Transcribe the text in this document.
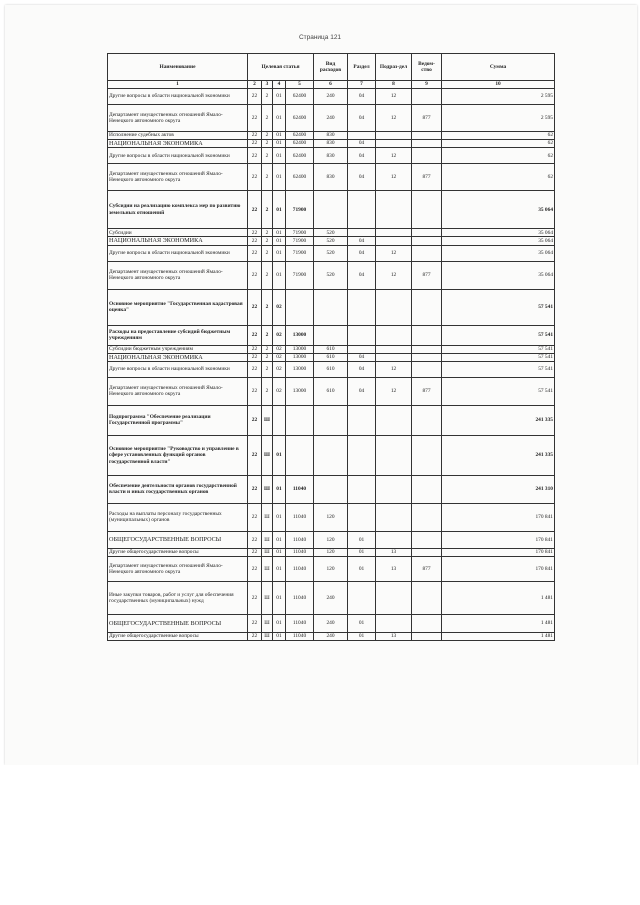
Страница 121
Наименование	Целевая статья				Вид расходов	Раздел	Подраз-дел	Ведом-ство	Сумма
1	2	3	4	5	6	7	8	9	10
Другие вопросы в области национальной экономики	22	2	01	62400	240	04	12		2 595
Департамент имущественных отношений Ямало-Ненецкого автономного округа	22	2	01	62400	240	04	12	877	2 595
Исполнение судебных актов	22	2	01	62400	830				62
НАЦИОНАЛЬНАЯ ЭКОНОМИКА	22	2	01	62400	830	04			62
Другие вопросы в области национальной экономики	22	2	01	62400	830	04	12		62
Департамент имущественных отношений Ямало-Ненецкого автономного округа	22	2	01	62400	830	04	12	877	62
Субсидии на реализацию комплекса мер по развитию земельных отношений	22	2	01	71900					35 064
Субсидии	22	2	01	71900	520				35 064
НАЦИОНАЛЬНАЯ ЭКОНОМИКА	22	2	01	71900	520	04			35 064
Другие вопросы в области национальной экономики	22	2	01	71900	520	04	12		35 064
Департамент имущественных отношений Ямало-Ненецкого автономного округа	22	2	01	71900	520	04	12	877	35 064
Основное мероприятие "Государственная кадастровая оценка"	22	2	02						57 541
Расходы на предоставление субсидий бюджетным учреждениям	22	2	02	13000					57 541
Субсидии бюджетным учреждениям	22	2	02	13000	610				57 541
НАЦИОНАЛЬНАЯ ЭКОНОМИКА	22	2	02	13000	610	04			57 541
Другие вопросы в области национальной экономики	22	2	02	13000	610	04	12		57 541
Департамент имущественных отношений Ямало-Ненецкого автономного округа	22	2	02	13000	610	04	12	877	57 541
Подпрограмма "Обеспечение реализации Государственной программы"	22	Ш							241 335
Основное мероприятие "Руководство и управление в сфере установленных функций органов государственной власти"	22	Ш	01						241 335
Обеспечение деятельности органов государственной власти и иных государственных органов	22	Ш	01	11040					241 310
Расходы на выплаты персоналу государственных (муниципальных) органов	22	Ш	01	11040	120				170 841
ОБЩЕГОСУДАРСТВЕННЫЕ ВОПРОСЫ	22	Ш	01	11040	120	01			170 841
Другие общегосударственные вопросы	22	Ш	01	11040	120	01	13		170 841
Департамент имущественных отношений Ямало-Ненецкого автономного округа	22	Ш	01	11040	120	01	13	877	170 841
Иные закупки товаров, работ и услуг для обеспечения государственных (муниципальных) нужд	22	Ш	01	11040	240				1 481
ОБЩЕГОСУДАРСТВЕННЫЕ ВОПРОСЫ	22	Ш	01	11040	240	01			1 481
Другие общегосударственные вопросы	22	Ш	01	11040	240	01	13		1 481
